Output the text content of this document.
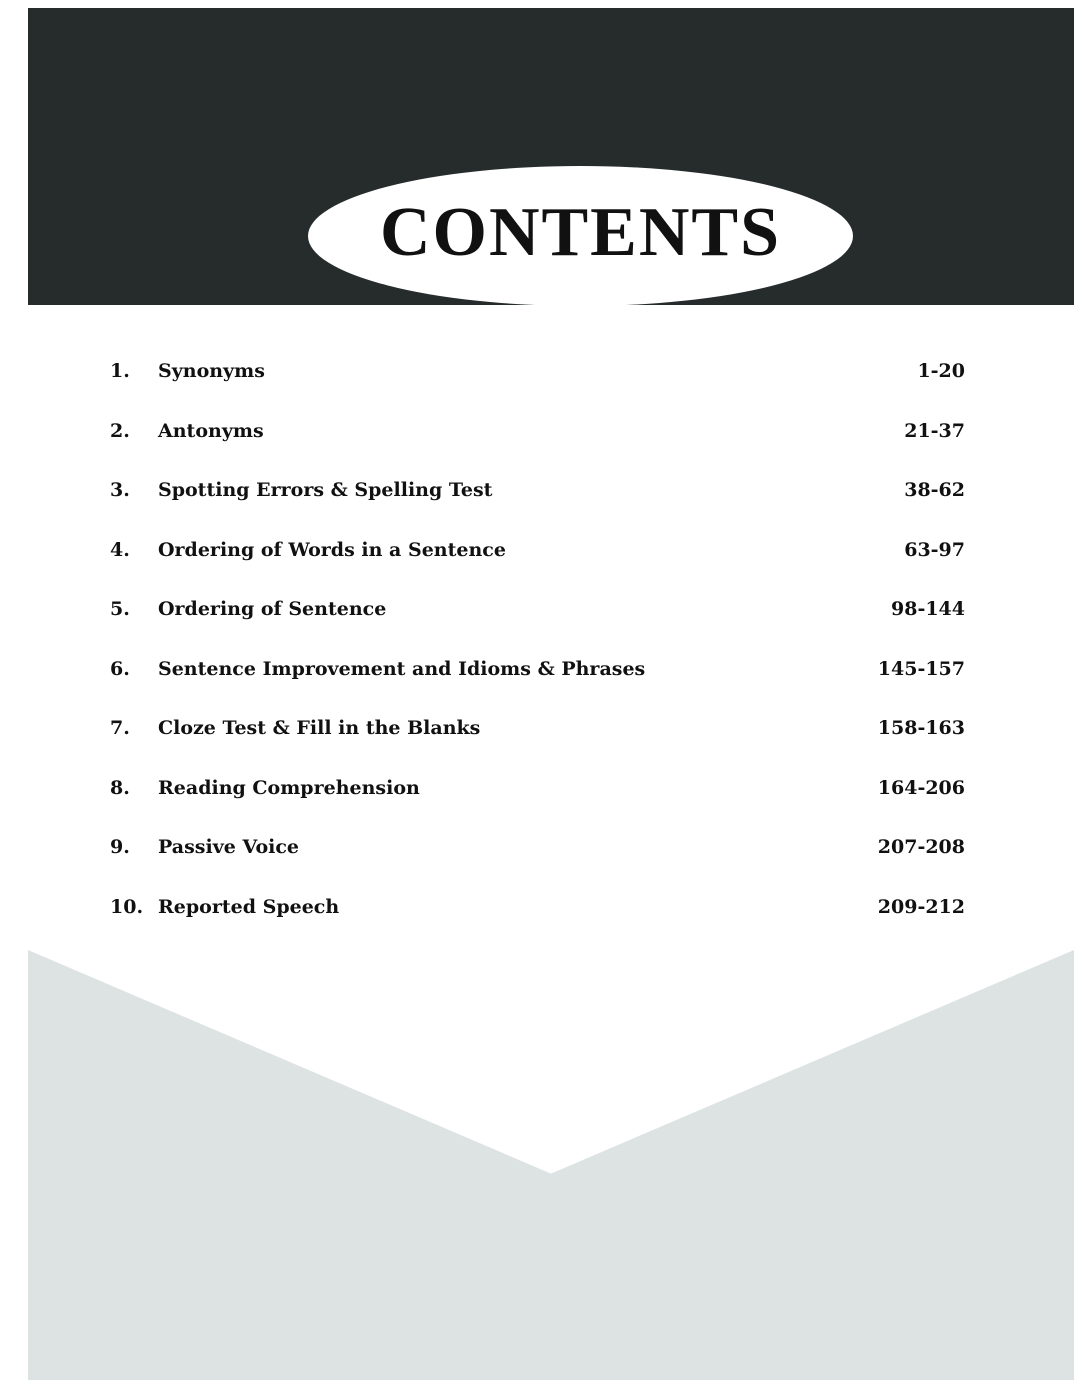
CONTENTS
1.	Synonyms	1-20
2.	Antonyms	21-37
3.	Spotting Errors & Spelling Test	38-62
4.	Ordering of Words in a Sentence	63-97
5.	Ordering of Sentence	98-144
6.	Sentence Improvement and Idioms & Phrases	145-157
7.	Cloze Test & Fill in the Blanks	158-163
8.	Reading Comprehension	164-206
9.	Passive Voice	207-208
10. Reported Speech	209-212
